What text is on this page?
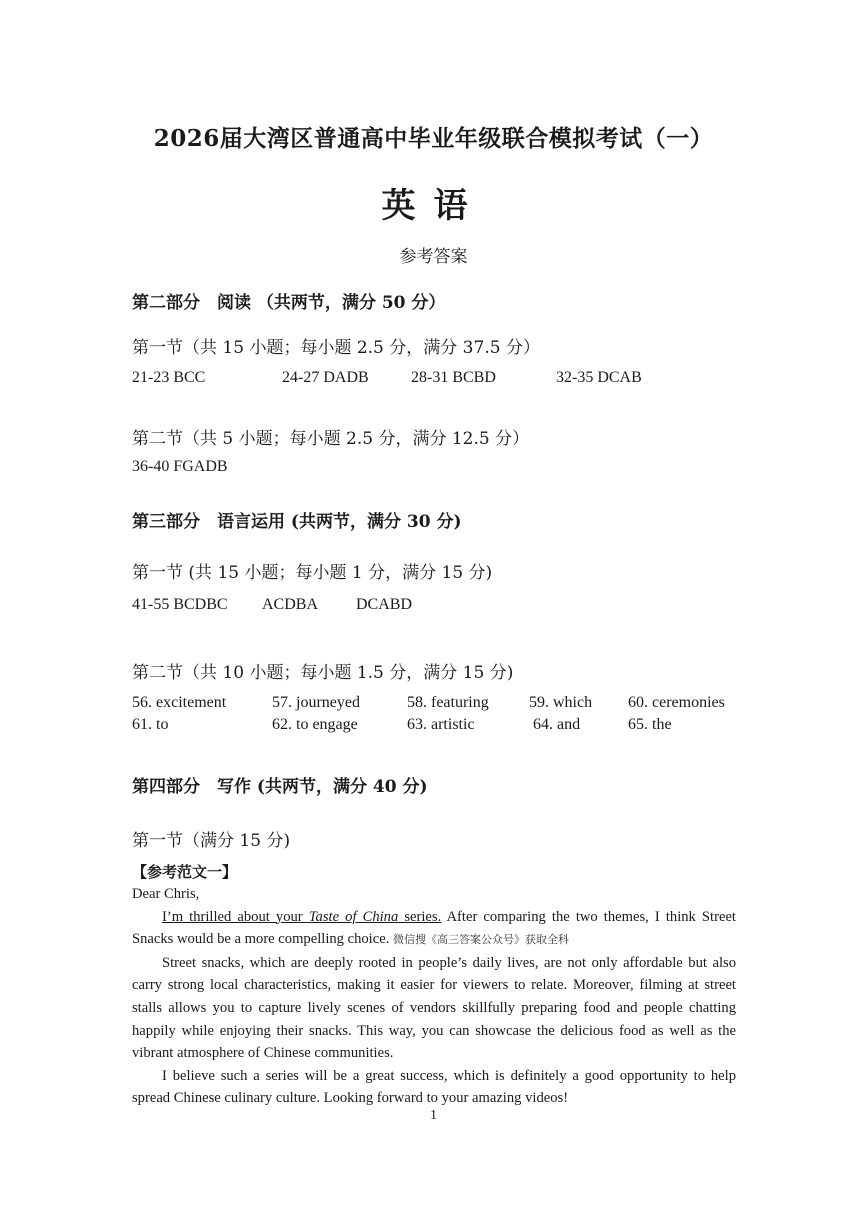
2026届大湾区普通高中毕业年级联合模拟考试（一）
英语
参考答案
第二部分　阅读 （共两节，满分 50 分）
第一节（共 15 小题；每小题 2.5 分，满分 37.5 分）
21-23 BCC	24-27 DADB	28-31 BCBD	32-35 DCAB
第二节（共 5 小题；每小题 2.5 分，满分 12.5 分）
36-40 FGADB
第三部分　语言运用 (共两节，满分 30 分)
第一节 (共 15 小题；每小题 1 分，满分 15 分)
41-55 BCDBC ACDBA DCABD
第二节（共 10 小题；每小题 1.5 分，满分 15 分)
56. excitement	57. journeyed	58. featuring	59. which 60. ceremonies
61. to	62. to engage	63. artistic	64. and	65. the
第四部分　写作 (共两节，满分 40 分)
第一节（满分 15 分)
【参考范文一】

Dear Chris,

I’m thrilled about your Taste of China series. After comparing the two themes, I think Street Snacks would be a more compelling choice. 微信搜《高三答案公众号》获取全科

Street snacks, which are deeply rooted in people’s daily lives, are not only affordable but also carry strong local characteristics, making it easier for viewers to relate. Moreover, filming at street stalls allows you to capture lively scenes of vendors skillfully preparing food and people chatting happily while enjoying their snacks. This way, you can showcase the delicious food as well as the vibrant atmosphere of Chinese communities.

I believe such a series will be a great success, which is definitely a good opportunity to help spread Chinese culinary culture. Looking forward to your amazing videos!

1
